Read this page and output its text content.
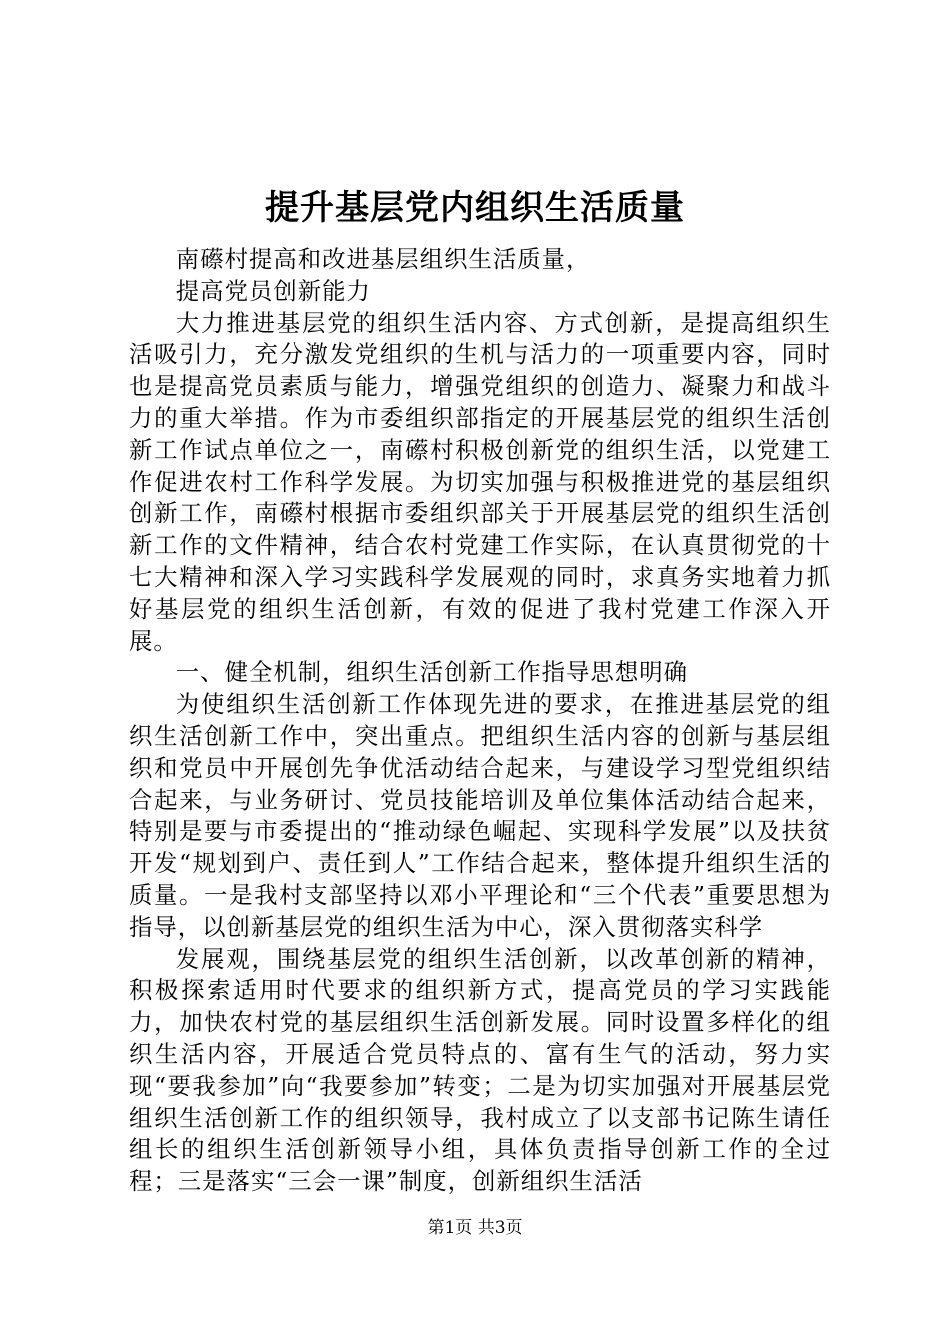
提升基层党内组织生活质量

南礤村提高和改进基层组织生活质量，

提高党员创新能力

大力推进基层党的组织生活内容、方式创新，是提高组织生活吸引力，充分激发党组织的生机与活力的一项重要内容，同时也是提高党员素质与能力，增强党组织的创造力、凝聚力和战斗力的重大举措。作为市委组织部指定的开展基层党的组织生活创新工作试点单位之一，南礤村积极创新党的组织生活，以党建工作促进农村工作科学发展。为切实加强与积极推进党的基层组织创新工作，南礤村根据市委组织部关于开展基层党的组织生活创新工作的文件精神，结合农村党建工作实际，在认真贯彻党的十七大精神和深入学习实践科学发展观的同时，求真务实地着力抓好基层党的组织生活创新，有效的促进了我村党建工作深入开展。

一、健全机制，组织生活创新工作指导思想明确

为使组织生活创新工作体现先进的要求，在推进基层党的组织生活创新工作中，突出重点。把组织生活内容的创新与基层组织和党员中开展创先争优活动结合起来，与建设学习型党组织结合起来，与业务研讨、党员技能培训及单位集体活动结合起来，特别是要与市委提出的“推动绿色崛起、实现科学发展”以及扶贫开发“规划到户、责任到人”工作结合起来，整体提升组织生活的质量。一是我村支部坚持以邓小平理论和“三个代表”重要思想为指导，以创新基层党的组织生活为中心，深入贯彻落实科学

发展观，围绕基层党的组织生活创新，以改革创新的精神，积极探索适用时代要求的组织新方式，提高党员的学习实践能力，加快农村党的基层组织生活创新发展。同时设置多样化的组织生活内容，开展适合党员特点的、富有生气的活动，努力实现“要我参加”向“我要参加”转变；二是为切实加强对开展基层党组织生活创新工作的组织领导，我村成立了以支部书记陈生请任组长的组织生活创新领导小组，具体负责指导创新工作的全过程；三是落实“三会一课”制度，创新组织生活活

第1页 共3页
